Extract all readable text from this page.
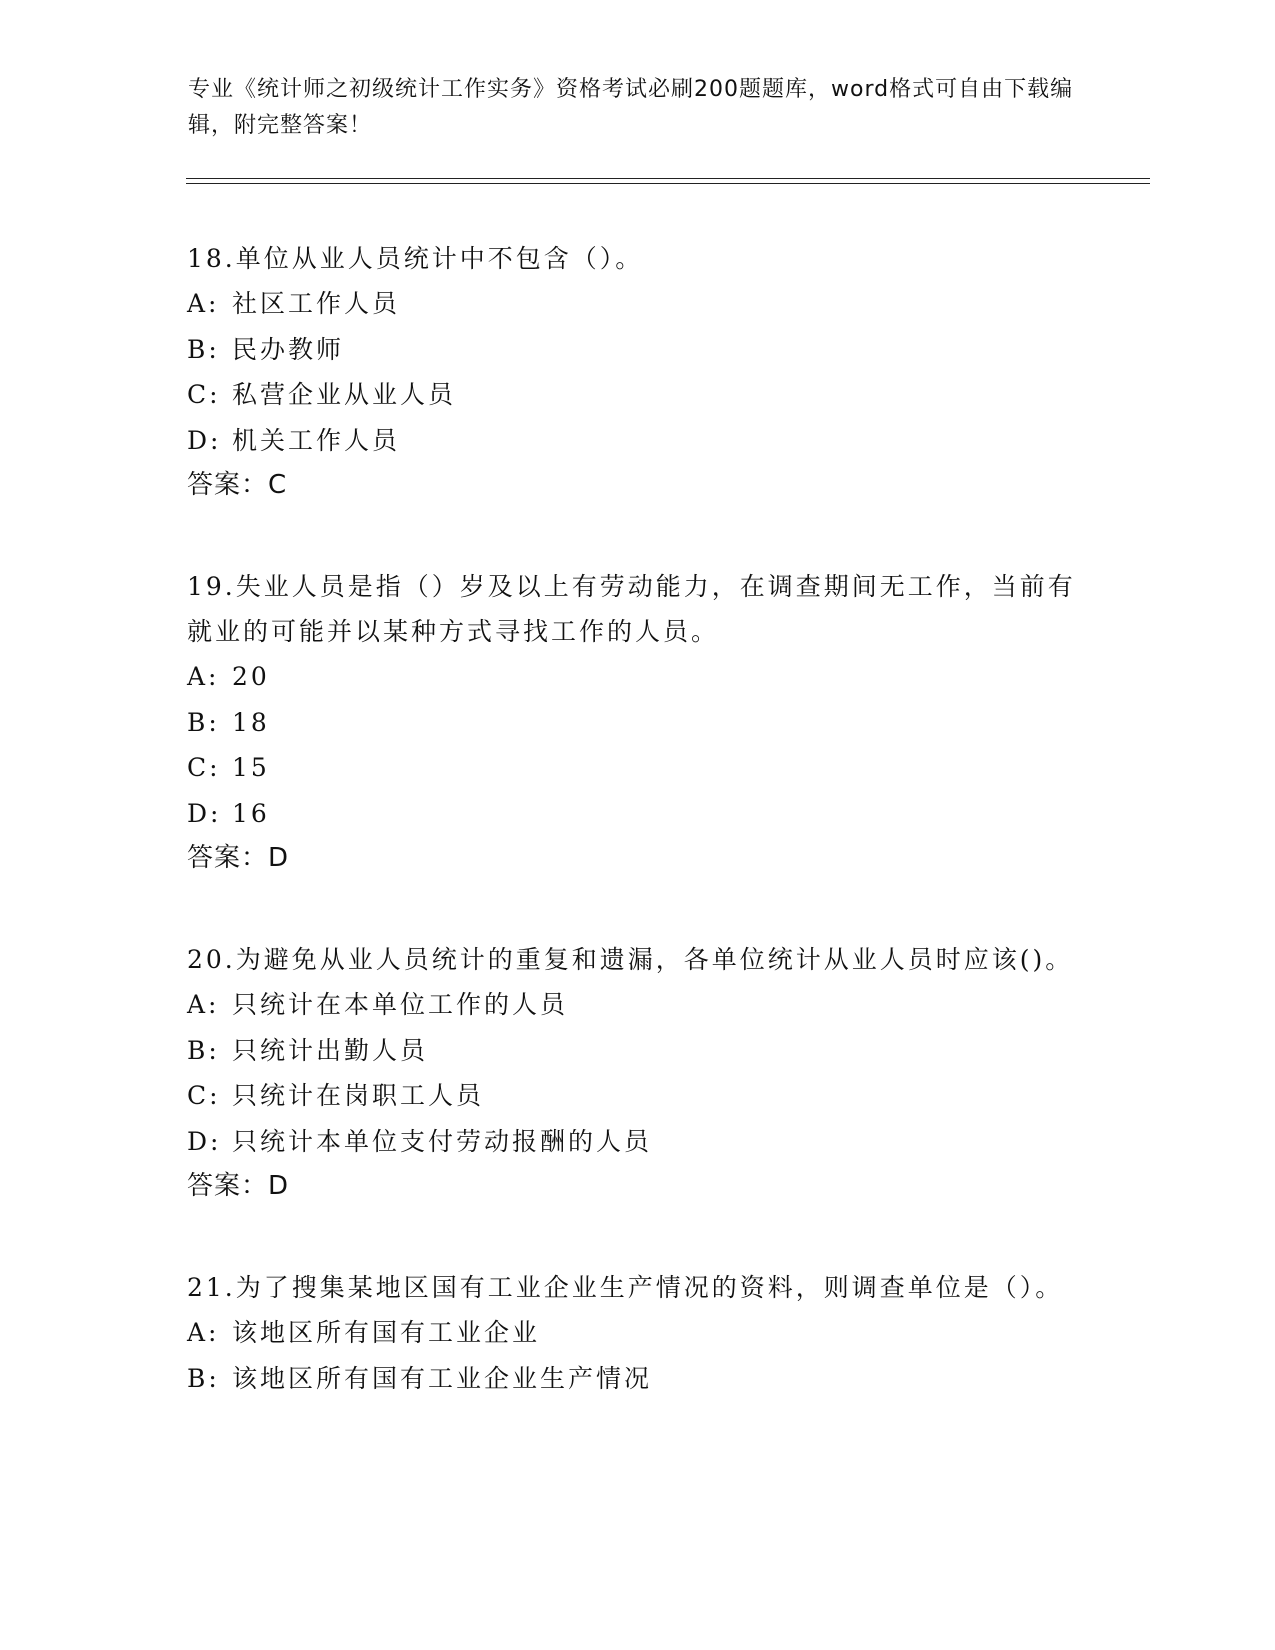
专业《统计师之初级统计工作实务》资格考试必刷200题题库，word格式可自由下载编辑，附完整答案！

18.单位从业人员统计中不包含（）。

A: 社区工作人员
B: 民办教师
C: 私营企业从业人员
D: 机关工作人员
答案：C

19.失业人员是指（）岁及以上有劳动能力，在调查期间无工作，当前有就业的可能并以某种方式寻找工作的人员。

A: 20
B: 18
C: 15
D: 16
答案：D

20.为避免从业人员统计的重复和遗漏，各单位统计从业人员时应该()。

A: 只统计在本单位工作的人员
B: 只统计出勤人员
C: 只统计在岗职工人员
D: 只统计本单位支付劳动报酬的人员
答案：D

21.为了搜集某地区国有工业企业生产情况的资料，则调查单位是（）。

A: 该地区所有国有工业企业
B: 该地区所有国有工业企业生产情况
